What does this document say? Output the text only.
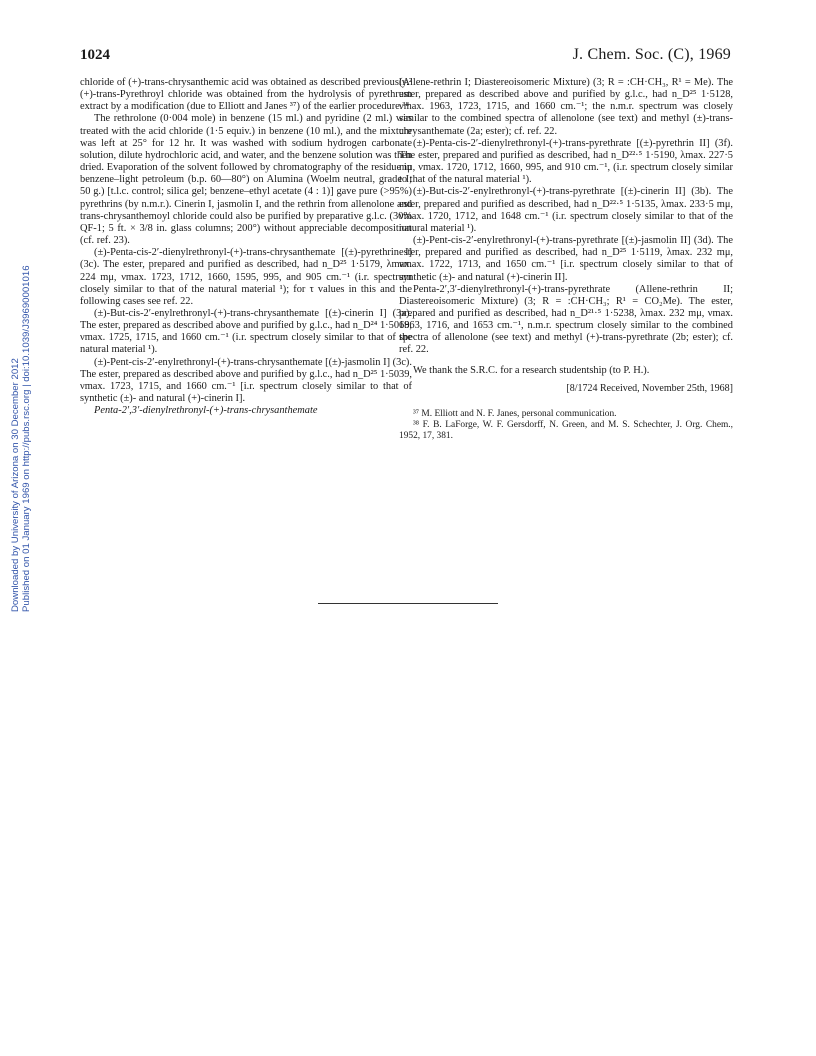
1024	J. Chem. Soc. (C), 1969
Downloaded by University of Arizona on 30 December 2012 Published on 01 January 1969 on http://pubs.rsc.org | doi:10.1039/J39690001016

chloride of (+)-trans-chrysanthemic acid was obtained as described previously.² (+)-trans-Pyrethroyl chloride was obtained from the hydrolysis of pyrethrum extract by a modification (due to Elliott and Janes ³⁷) of the earlier procedure.³⁸

The rethrolone (0·004 mole) in benzene (15 ml.) and pyridine (2 ml.) was treated with the acid chloride (1·5 equiv.) in benzene (10 ml.), and the mixture was left at 25° for 12 hr. It was washed with sodium hydrogen carbonate solution, dilute hydrochloric acid, and water, and the benzene solution was then dried. Evaporation of the solvent followed by chromatography of the residue in benzene–light petroleum (b.p. 60—80°) on Alumina (Woelm neutral, grade I; 50 g.) [t.l.c. control; silica gel; benzene–ethyl acetate (4 : 1)] gave pure (>95%) pyrethrins (by n.m.r.). Cinerin I, jasmolin I, and the rethrin from allenolone and trans-chrysanthemoyl chloride could also be purified by preparative g.l.c. (30% QF-1; 5 ft. × 3/8 in. glass columns; 200°) without appreciable decomposition (cf. ref. 23).

(±)-Penta-cis-2′-dienylrethronyl-(+)-trans-chrysanthemate [(±)-pyrethrin I] (3c). The ester, prepared and purified as described, had n_D²⁵ 1·5179, λmax. 224 mμ, νmax. 1723, 1712, 1660, 1595, 995, and 905 cm.⁻¹ (i.r. spectrum closely similar to that of the natural material ¹); for τ values in this and the following cases see ref. 22.

(±)-But-cis-2′-enylrethronyl-(+)-trans-chrysanthemate [(±)-cinerin I] (3a). The ester, prepared as described above and purified by g.l.c., had n_D²⁴ 1·5068, νmax. 1725, 1715, and 1660 cm.⁻¹ (i.r. spectrum closely similar to that of the natural material ¹).

(±)-Pent-cis-2′-enylrethronyl-(+)-trans-chrysanthemate [(±)-jasmolin I] (3c). The ester, prepared as described above and purified by g.l.c., had n_D²⁵ 1·5039, νmax. 1723, 1715, and 1660 cm.⁻¹ [i.r. spectrum closely similar to that of synthetic (±)- and natural (+)-cinerin I].

Penta-2′,3′-dienylrethronyl-(+)-trans-chrysanthemate

(Allene-rethrin I; Diastereoisomeric Mixture) (3; R = :CH·CH₃, R¹ = Me). The ester, prepared as described above and purified by g.l.c., had n_D²⁵ 1·5128, νmax. 1963, 1723, 1715, and 1660 cm.⁻¹; the n.m.r. spectrum was closely similar to the combined spectra of allenolone (see text) and methyl (±)-trans-chrysanthemate (2a; ester); cf. ref. 22.

(±)-Penta-cis-2′-dienylrethronyl-(+)-trans-pyrethrate [(±)-pyrethrin II] (3f). The ester, prepared and purified as described, had n_D²²·⁵ 1·5190, λmax. 227·5 mμ, νmax. 1720, 1712, 1660, 995, and 910 cm.⁻¹, (i.r. spectrum closely similar to that of the natural material ¹).

(±)-But-cis-2′-enylrethronyl-(+)-trans-pyrethrate [(±)-cinerin II] (3b). The ester, prepared and purified as described, had n_D²²·⁵ 1·5135, λmax. 233·5 mμ, νmax. 1720, 1712, and 1648 cm.⁻¹ (i.r. spectrum closely similar to that of the natural material ¹).

(±)-Pent-cis-2′-enylrethronyl-(+)-trans-pyrethrate [(±)-jasmolin II] (3d). The ester, prepared and purified as described, had n_D²⁵ 1·5119, λmax. 232 mμ, νmax. 1722, 1713, and 1650 cm.⁻¹ [i.r. spectrum closely similar to that of synthetic (±)- and natural (+)-cinerin II].

Penta-2′,3′-dienylrethronyl-(+)-trans-pyrethrate (Allene-rethrin II; Diastereoisomeric Mixture) (3; R = :CH·CH₃; R¹ = CO₂Me). The ester, prepared and purified as described, had n_D²¹·⁵ 1·5238, λmax. 232 mμ, νmax. 1963, 1716, and 1653 cm.⁻¹, n.m.r. spectrum closely similar to the combined spectra of allenolone (see text) and methyl (+)-trans-pyrethrate (2b; ester); cf. ref. 22.

We thank the S.R.C. for a research studentship (to P. H.).

[8/1724 Received, November 25th, 1968]

³⁷ M. Elliott and N. F. Janes, personal communication.

³⁸ F. B. LaForge, W. F. Gersdorff, N. Green, and M. S. Schechter, J. Org. Chem., 1952, 17, 381.
